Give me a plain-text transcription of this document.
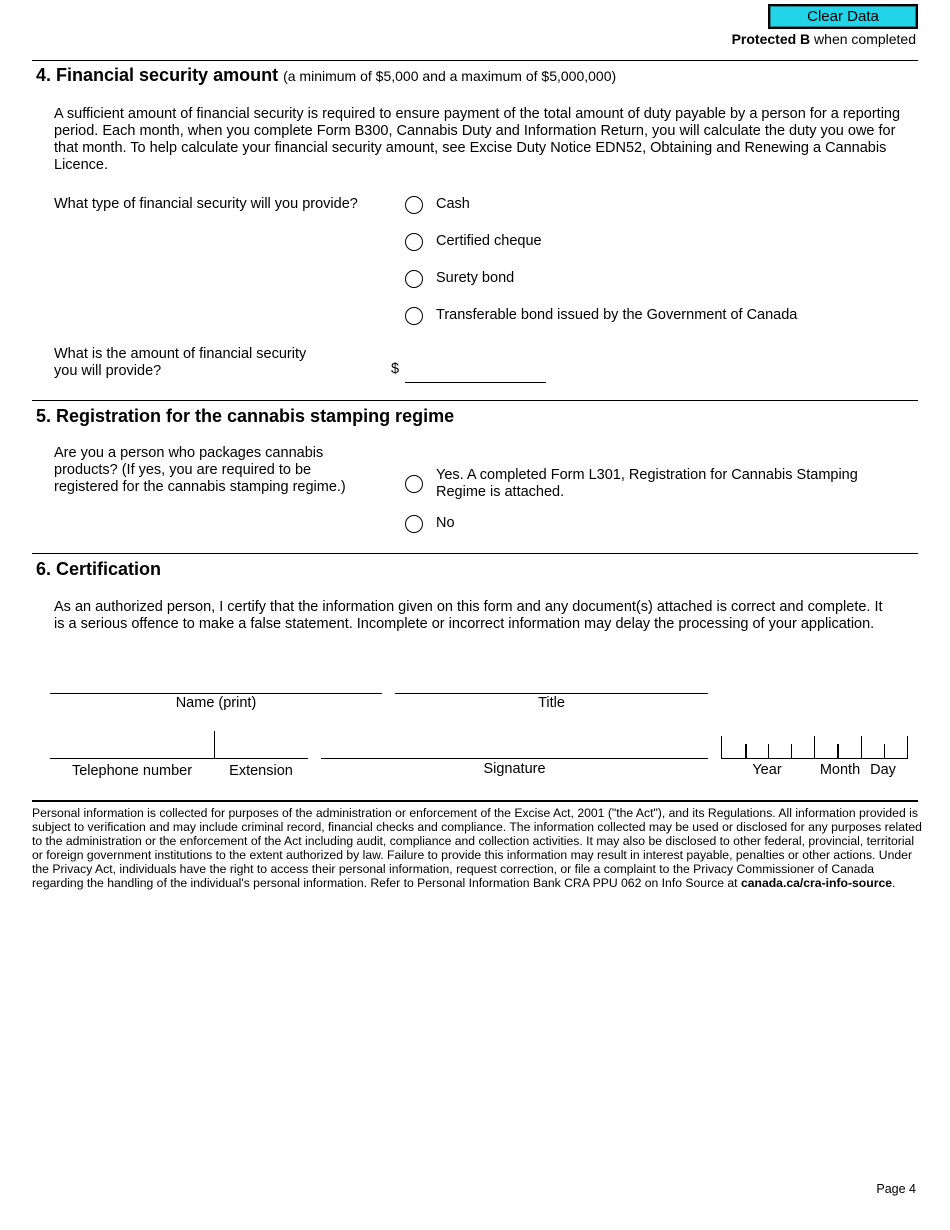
Clear Data
Protected B when completed
4. Financial security amount (a minimum of $5,000 and a maximum of $5,000,000)
A sufficient amount of financial security is required to ensure payment of the total amount of duty payable by a person for a reporting period. Each month, when you complete Form B300, Cannabis Duty and Information Return, you will calculate the duty you owe for that month. To help calculate your financial security amount, see Excise Duty Notice EDN52, Obtaining and Renewing a Cannabis Licence.
What type of financial security will you provide?	Cash
Certified cheque
Surety bond
Transferable bond issued by the Government of Canada
What is the amount of financial security
you will provide?	$
5. Registration for the cannabis stamping regime
Are you a person who packages cannabis
products? (If yes, you are required to be
registered for the cannabis stamping regime.)
Yes. A completed Form L301, Registration for Cannabis Stamping
Regime is attached.
No
6. Certification
As an authorized person, I certify that the information given on this form and any document(s) attached is correct and complete. It is a serious offence to make a false statement. Incomplete or incorrect information may delay the processing of your application.
Name (print)	Title
Telephone number	Extension	Signature	Year	Month Day
Personal information is collected for purposes of the administration or enforcement of the Excise Act, 2001 ("the Act"), and its Regulations. All information provided is subject to verification and may include criminal record, financial checks and compliance. The information collected may be used or disclosed for any purposes related to the administration or the enforcement of the Act including audit, compliance and collection activities. It may also be disclosed to other federal, provincial, territorial or foreign government institutions to the extent authorized by law. Failure to provide this information may result in interest payable, penalties or other actions. Under the Privacy Act, individuals have the right to access their personal information, request correction, or file a complaint to the Privacy Commissioner of Canada regarding the handling of the individual's personal information. Refer to Personal Information Bank CRA PPU 062 on Info Source at canada.ca/cra-info-source.
Page 4
